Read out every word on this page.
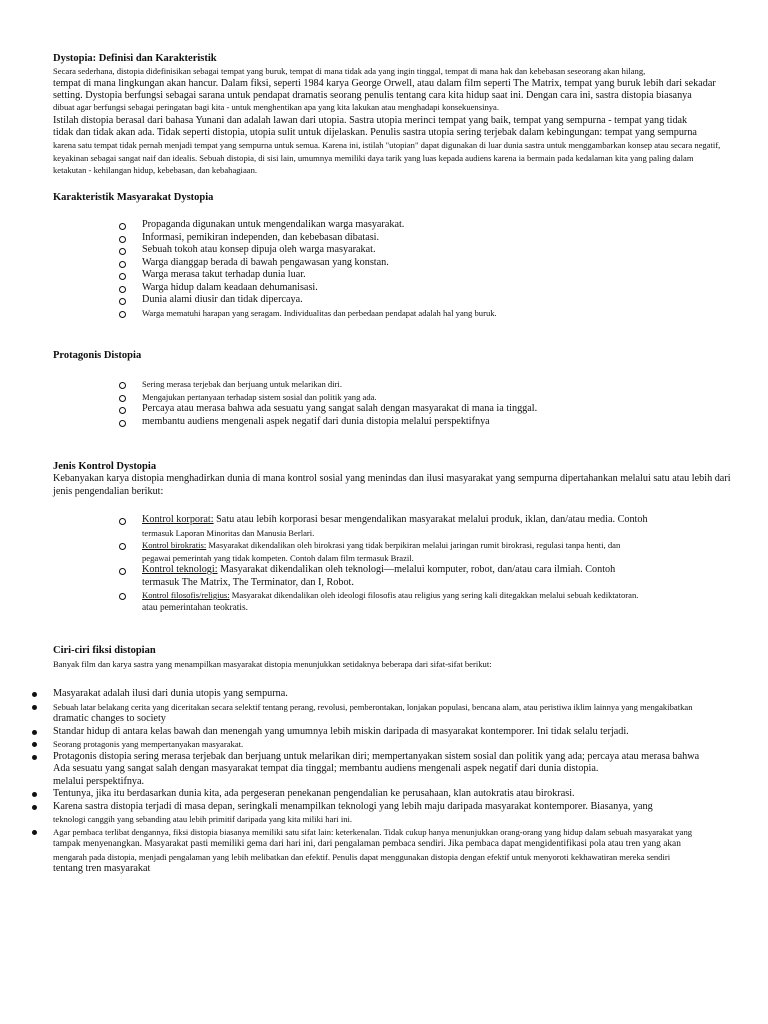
Dystopia: Definisi dan Karakteristik

Secara sederhana, distopia didefinisikan sebagai tempat yang buruk, tempat di mana tidak ada yang ingin tinggal, tempat di mana hak dan kebebasan seseorang akan hilang,

tempat di mana lingkungan akan hancur. Dalam fiksi, seperti 1984 karya George Orwell, atau dalam film seperti The Matrix, tempat yang buruk lebih dari sekadar

setting. Dystopia berfungsi sebagai sarana untuk pendapat dramatis seorang penulis tentang cara kita hidup saat ini. Dengan cara ini, sastra distopia biasanya

dibuat agar berfungsi sebagai peringatan bagi kita - untuk menghentikan apa yang kita lakukan atau menghadapi konsekuensinya.

Istilah distopia berasal dari bahasa Yunani dan adalah lawan dari utopia. Sastra utopia merinci tempat yang baik, tempat yang sempurna - tempat yang tidak

tidak dan tidak akan ada. Tidak seperti distopia, utopia sulit untuk dijelaskan. Penulis sastra utopia sering terjebak dalam kebingungan: tempat yang sempurna

karena satu tempat tidak pernah menjadi tempat yang sempurna untuk semua. Karena ini, istilah "utopian" dapat digunakan di luar dunia sastra untuk menggambarkan konsep atau secara negatif,

keyakinan sebagai sangat naif dan idealis. Sebuah distopia, di sisi lain, umumnya memiliki daya tarik yang luas kepada audiens karena ia bermain pada kedalaman kita yang paling dalam

ketakutan - kehilangan hidup, kebebasan, dan kebahagiaan.

Karakteristik Masyarakat Dystopia
Propaganda digunakan untuk mengendalikan warga masyarakat.
Informasi, pemikiran independen, dan kebebasan dibatasi.
Sebuah tokoh atau konsep dipuja oleh warga masyarakat.
Warga dianggap berada di bawah pengawasan yang konstan.
Warga merasa takut terhadap dunia luar.
Warga hidup dalam keadaan dehumanisasi.
Dunia alami diusir dan tidak dipercaya.
Warga mematuhi harapan yang seragam. Individualitas dan perbedaan pendapat adalah hal yang buruk.
Protagonis Distopia
Sering merasa terjebak dan berjuang untuk melarikan diri.
Mengajukan pertanyaan terhadap sistem sosial dan politik yang ada.
Percaya atau merasa bahwa ada sesuatu yang sangat salah dengan masyarakat di mana ia tinggal.
membantu audiens mengenali aspek negatif dari dunia distopia melalui perspektifnya
Jenis Kontrol Dystopia

Kebanyakan karya distopia menghadirkan dunia di mana kontrol sosial yang menindas dan ilusi masyarakat yang sempurna dipertahankan melalui satu atau lebih dari

jenis pengendalian berikut:

Kontrol korporat: Satu atau lebih korporasi besar mengendalikan masyarakat melalui produk, iklan, dan/atau media. Contoh
termasuk Laporan Minoritas dan Manusia Berlari.
Kontrol birokratis: Masyarakat dikendalikan oleh birokrasi yang tidak berpikiran melalui jaringan rumit birokrasi, regulasi tanpa henti, dan
pegawai pemerintah yang tidak kompeten. Contoh dalam film termasuk Brazil.
Kontrol teknologi: Masyarakat dikendalikan oleh teknologi—melalui komputer, robot, dan/atau cara ilmiah. Contoh
termasuk The Matrix, The Terminator, dan I, Robot.
Kontrol filosofis/religius: Masyarakat dikendalikan oleh ideologi filosofis atau religius yang sering kali ditegakkan melalui sebuah kediktatoran.
atau pemerintahan teokratis.
Ciri-ciri fiksi distopian

Banyak film dan karya sastra yang menampilkan masyarakat distopia menunjukkan setidaknya beberapa dari sifat-sifat berikut:

Masyarakat adalah ilusi dari dunia utopis yang sempurna.
Sebuah latar belakang cerita yang diceritakan secara selektif tentang perang, revolusi, pemberontakan, lonjakan populasi, bencana alam, atau peristiwa iklim lainnya yang mengakibatkan
dramatic changes to society
Standar hidup di antara kelas bawah dan menengah yang umumnya lebih miskin daripada di masyarakat kontemporer. Ini tidak selalu terjadi.
Seorang protagonis yang mempertanyakan masyarakat.
Protagonis distopia sering merasa terjebak dan berjuang untuk melarikan diri; mempertanyakan sistem sosial dan politik yang ada; percaya atau merasa bahwa
Ada sesuatu yang sangat salah dengan masyarakat tempat dia tinggal; membantu audiens mengenali aspek negatif dari dunia distopia.
melalui perspektifnya.
Tentunya, jika itu berdasarkan dunia kita, ada pergeseran penekanan pengendalian ke perusahaan, klan autokratis atau birokrasi.
Karena sastra distopia terjadi di masa depan, seringkali menampilkan teknologi yang lebih maju daripada masyarakat kontemporer. Biasanya, yang
teknologi canggih yang sebanding atau lebih primitif daripada yang kita miliki hari ini.
Agar pembaca terlibat dengannya, fiksi distopia biasanya memiliki satu sifat lain: keterkenalan. Tidak cukup hanya menunjukkan orang-orang yang hidup dalam sebuah masyarakat yang
tampak menyenangkan. Masyarakat pasti memiliki gema dari hari ini, dari pengalaman pembaca sendiri. Jika pembaca dapat mengidentifikasi pola atau tren yang akan
mengarah pada distopia, menjadi pengalaman yang lebih melibatkan dan efektif. Penulis dapat menggunakan distopia dengan efektif untuk menyoroti kekhawatiran mereka sendiri
tentang tren masyarakat
